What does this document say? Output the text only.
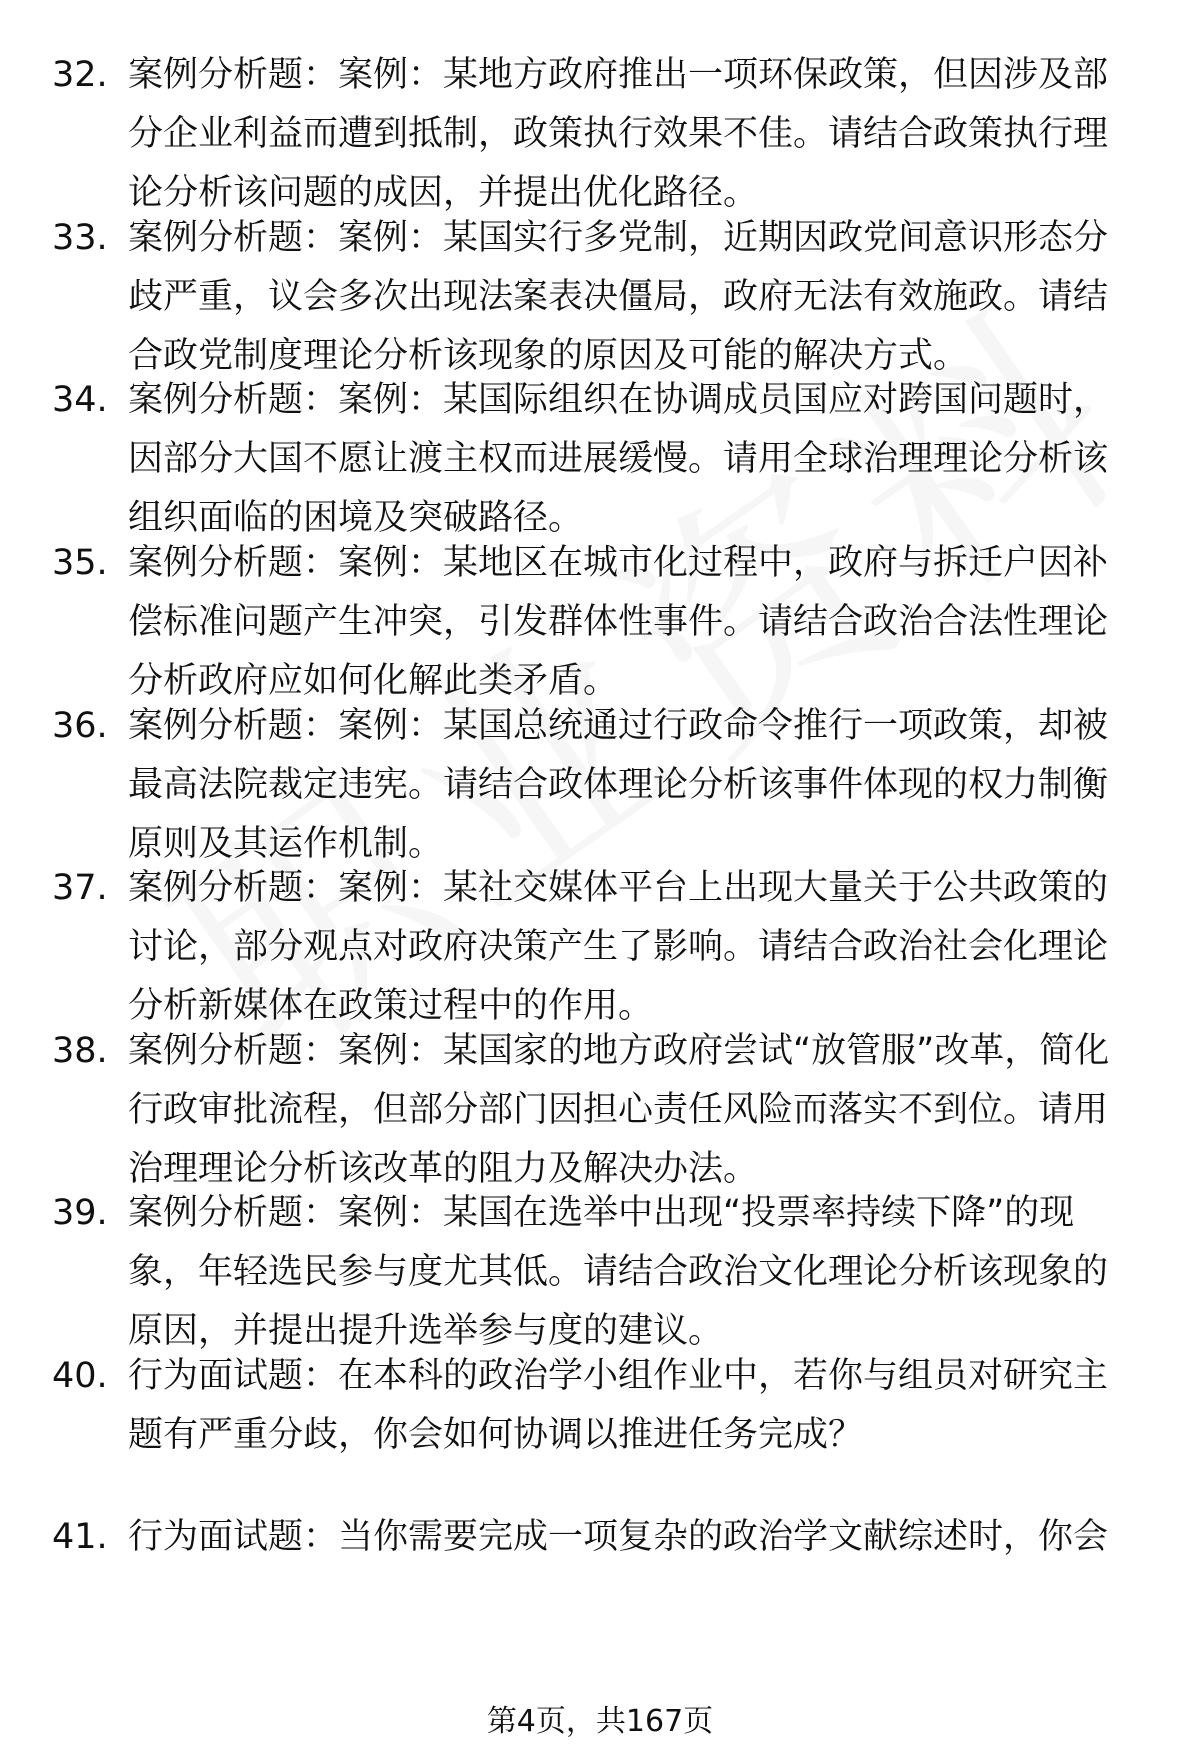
32. 案例分析题：案例：某地方政府推出一项环保政策，但因涉及部分企业利益而遭到抵制，政策执行效果不佳。请结合政策执行理论分析该问题的成因，并提出优化路径。
33. 案例分析题：案例：某国实行多党制，近期因政党间意识形态分歧严重，议会多次出现法案表决僵局，政府无法有效施政。请结合政党制度理论分析该现象的原因及可能的解决方式。
34. 案例分析题：案例：某国际组织在协调成员国应对跨国问题时，因部分大国不愿让渡主权而进展缓慢。请用全球治理理论分析该组织面临的困境及突破路径。
35. 案例分析题：案例：某地区在城市化过程中，政府与拆迁户因补偿标准问题产生冲突，引发群体性事件。请结合政治合法性理论分析政府应如何化解此类矛盾。
36. 案例分析题：案例：某国总统通过行政命令推行一项政策，却被最高法院裁定违宪。请结合政体理论分析该事件体现的权力制衡原则及其运作机制。
37. 案例分析题：案例：某社交媒体平台上出现大量关于公共政策的讨论，部分观点对政府决策产生了影响。请结合政治社会化理论分析新媒体在政策过程中的作用。
38. 案例分析题：案例：某国家的地方政府尝试“放管服”改革，简化行政审批流程，但部分部门因担心责任风险而落实不到位。请用治理理论分析该改革的阻力及解决办法。
39. 案例分析题：案例：某国在选举中出现“投票率持续下降”的现象，年轻选民参与度尤其低。请结合政治文化理论分析该现象的原因，并提出提升选举参与度的建议。
40. 行为面试题：在本科的政治学小组作业中，若你与组员对研究主题有严重分歧，你会如何协调以推进任务完成？
41. 行为面试题：当你需要完成一项复杂的政治学文献综述时，你会
第4页，共167页
